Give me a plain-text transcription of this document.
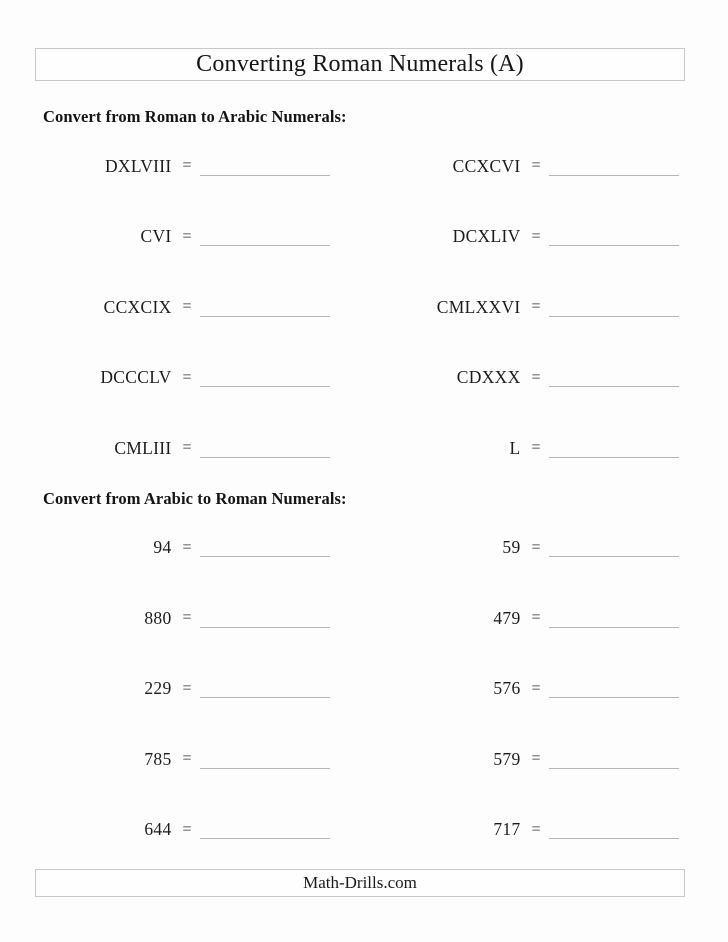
Converting Roman Numerals (A)
Convert from Roman to Arabic Numerals:
DXLVIII =	CCXCVI =
CVI =	DCXLIV =
CCXCIX =	CMLXXVI =
DCCCLV =	CDXXX =
CMLIII =	L =
Convert from Arabic to Roman Numerals:
94 =	59 =
880 =	479 =
229 =	576 =
785 =	579 =
644 =	717 =
Math-Drills.com
